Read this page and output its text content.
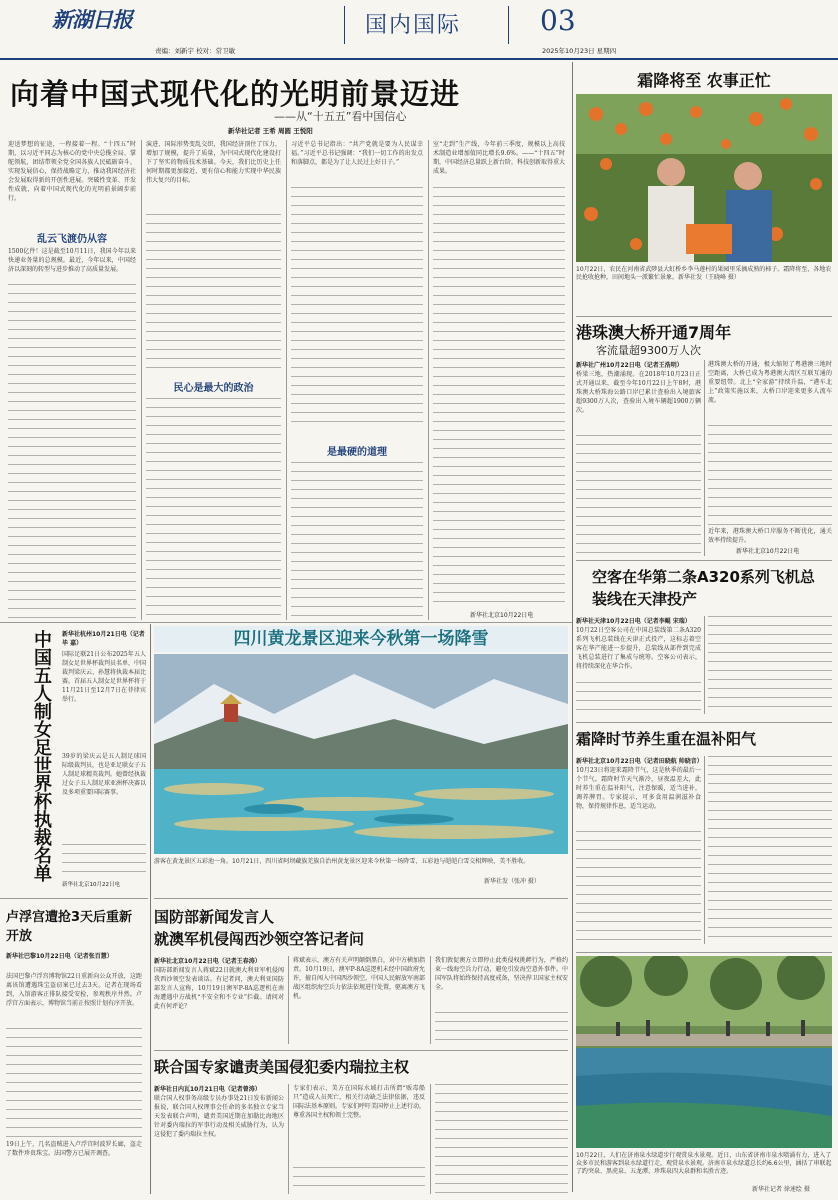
新湖日报	国内国际	03
责编：刘新宇 校对：常卫敏	2025年10月23日 星期四
向着中国式现代化的光明前景迈进
——从“十五五”看中国信心
新华社记者 王希 周圆 王悦阳
迎送梦想的征途，一程接着一程。“十四五”时期，以习近平同志为核心的党中央总揽全局、掌舵领航，团结带领全党全国各族人民砥砺奋斗，实现发展信心，保持战略定力，推动我国经济社会发展取得新的开创性进展。突破性变革、开发性成就，向着中国式现代化的光明前景阔步前行。
乱云飞渡仍从容
1500亿件！这是截至10月11日，我国今年以来快递业务量的总规模。最近，今年以来，中国经济以深刻的转型与进步推动了高质量发展。
演进、国际形势变乱交织，我国经济顶住了压力，增加了规模，提升了质量，为中国式现代化建设打下了坚实的物质技术基础。今天，我们比历史上任何时期都更加接近、更有信心和能力实现中华民族伟大复兴的目标。
民心是最大的政治
习近平总书记指出：“共产党就是要为人民谋幸福。”习近平总书记强调：“我们一切工作的出发点和落脚点，都是为了让人民过上好日子。”
是最硬的道理
室“走到”生产线，今年前三季度，规模以上高技术制造业增加值同比增长9.6%。——“十四五”时期，中国经济总量跃上新台阶，科技创新取得重大成果。
新华社北京10月22日电
霜降将至 农事正忙
10月22日，农民在河南省武陟县大虹桥乡李马莲村的果园里采摘成熟的柿子。霜降将至，各地农民抢收抢种，田间地头一派繁忙景象。新华社发（王晓峰 摄）
港珠澳大桥开通7周年
客流量超9300万人次
新华社广州10月22日电（记者王浩明）
桥梁三地，热潮涌现。在2018年10月23日正式开通以来，截至今年10月22日上午8时，港珠澳大桥珠海公路口岸已累计查验出入境旅客超9300万人次，查验出入境车辆超1900万辆次。
港珠澳大桥的开通，极大缩短了粤港澳三地时空距离，大桥已成为粤港澳大湾区互联互通的重要纽带。北上“全家游”持续升温，“港车北上”政策实施以来，大桥口岸迎来更多人流车流。
近年来，港珠澳大桥口岸服务不断优化，通关效率持续提升。
新华社北京10月22日电
空客在华第二条A320系列飞机总装线在天津投产
新华社天津10月22日电（记者李鲲 宋瑞）
10月22日空客公司在中国总装线第二条A320系列飞机总装线在天津正式投产，这标志着空客在华产能进一步提升，总装线从部件到完成飞机总装进行了集成与统筹。空客公司表示，将持续深化在华合作。
霜降时节养生重在温补阳气
新华社北京10月22日电（记者田晓航 帅晓音）
10月23日将迎来霜降节气，这是秋季的最后一个节气。霜降时节天气渐冷，昼夜温差大，此时养生重在温补阳气，注意保暖，适当进补，调养脾胃。专家提示，可多食用温润滋补食物，保持规律作息，适当运动。
10月22日，人们在济南泉水绿道步行观赏泉水景观。近日，山东省济南市泉水喷涌有力，进入了众多市民和游客到泉水绿道行走，观赏泉水景观。济南市泉水绿道总长约6.6公里，涵括了串联起了趵突泉、黑虎泉、五龙潭、珍珠泉四大泉群和名胜古迹。
新华社记者 徐速绘 摄
中国五人制女足世界杯执裁名单 新华社杭州10月21日电（记者 毕 嘉）
国际足联21日公布2025年五人制女足世界杯裁判员名单，中国裁判梁庆云、孙慧将执裁本届比赛。首届五人制女足世界杯将于11月21日至12月7日在菲律宾举行。
39岁的梁庆云是五人制足球国际级裁判员，也是亚足联女子五人制足球精英裁判。她曾经执裁过女子五人制足球亚洲杯决赛以及多项重要国际赛事。
新华社北京10月22日电
卢浮宫遭抢3天后重新开放
新华社巴黎10月22日电（记者张百慧）
法国巴黎卢浮宫博物馆22日重新向公众开放，这距离该馆遭遇珠宝盗窃案已过去3天。记者在现场看到，入馆游客正排队接受安检，参观秩序井然。卢浮宫方面表示，博物馆当前正按照计划有序开放。
19日上午，几名盗贼进入卢浮宫阿波罗长廊，盗走了数件珍贵珠宝。法国警方已展开调查。
四川黄龙景区迎来今秋第一场降雪
游客在黄龙景区五彩池一角。10月21日，四川省阿坝藏族羌族自治州黄龙景区迎来今秋第一场降雪，五彩池与皑皑白雪交相辉映，美不胜收。
新华社发（张冲 摄）
国防部新闻发言人
就澳军机侵闯西沙领空答记者问
新华社北京10月22日电（记者王春涛）
国防部新闻发言人蒋斌22日就澳大利亚军机侵闯我西沙领空发表谈话。有记者问，澳大利亚国防部发言人宣称，10月19日澳军P-8A巡逻机在南海遭遇中方战机“不安全和不专业”拦截。请问对此有何评论？
蒋斌表示，澳方有关声明颠倒黑白，对中方横加指责。10月19日，澳军P-8A巡逻机未经中国政府允许，擅自闯入中国西沙领空，中国人民解放军南部战区组织海空兵力依法依规进行处置，驱离澳方飞机。
我们敦促澳方立即停止此类侵权挑衅行为，严格约束一线海空兵力行动，避免引发海空意外事件。中国军队将始终保持高度戒备，坚决捍卫国家主权安全。
联合国专家谴责美国侵犯委内瑞拉主权
新华社日内瓦10月21日电（记者曾涛）
联合国人权事务高级专员办事处21日发布新闻公报说，联合国人权理事会任命的多名独立专家当天发表联合声明，谴责美国近期在加勒比海地区针对委内瑞拉的军事行动及相关威胁行为，认为这侵犯了委内瑞拉主权。
专家们表示，美方在国际水域打击所谓“贩毒船只”造成人员死亡，相关行动缺乏法律依据，违反国际法基本原则。专家们呼吁美国停止上述行动，尊重各国主权和领土完整。
